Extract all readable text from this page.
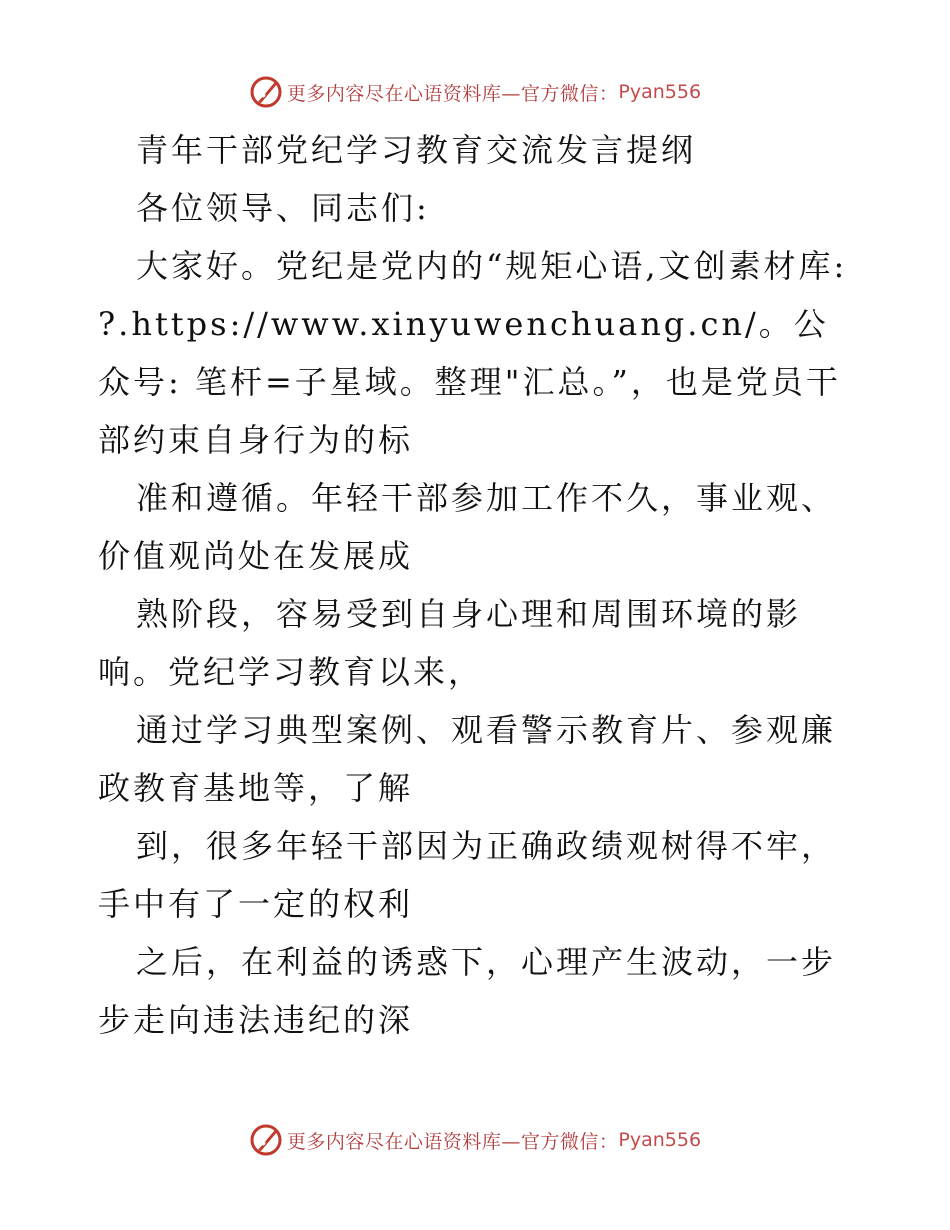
更多内容尽在心语资料库—官方微信： Pyan556

青年干部党纪学习教育交流发言提纲

各位领导、同志们:

大家好。党纪是党内的“规矩心语,文创素材库: ?.https://www.xinyuwenchuang.cn/。公众号: 笔杆=子星域。整理"汇总。”，也是党员干部约束自身行为的标

准和遵循。年轻干部参加工作不久，事业观、价值观尚处在发展成

熟阶段，容易受到自身心理和周围环境的影响。党纪学习教育以来，

通过学习典型案例、观看警示教育片、参观廉政教育基地等，了解

到，很多年轻干部因为正确政绩观树得不牢，手中有了一定的权利

之后，在利益的诱惑下，心理产生波动，一步步走向违法违纪的深

更多内容尽在心语资料库—官方微信： Pyan556
